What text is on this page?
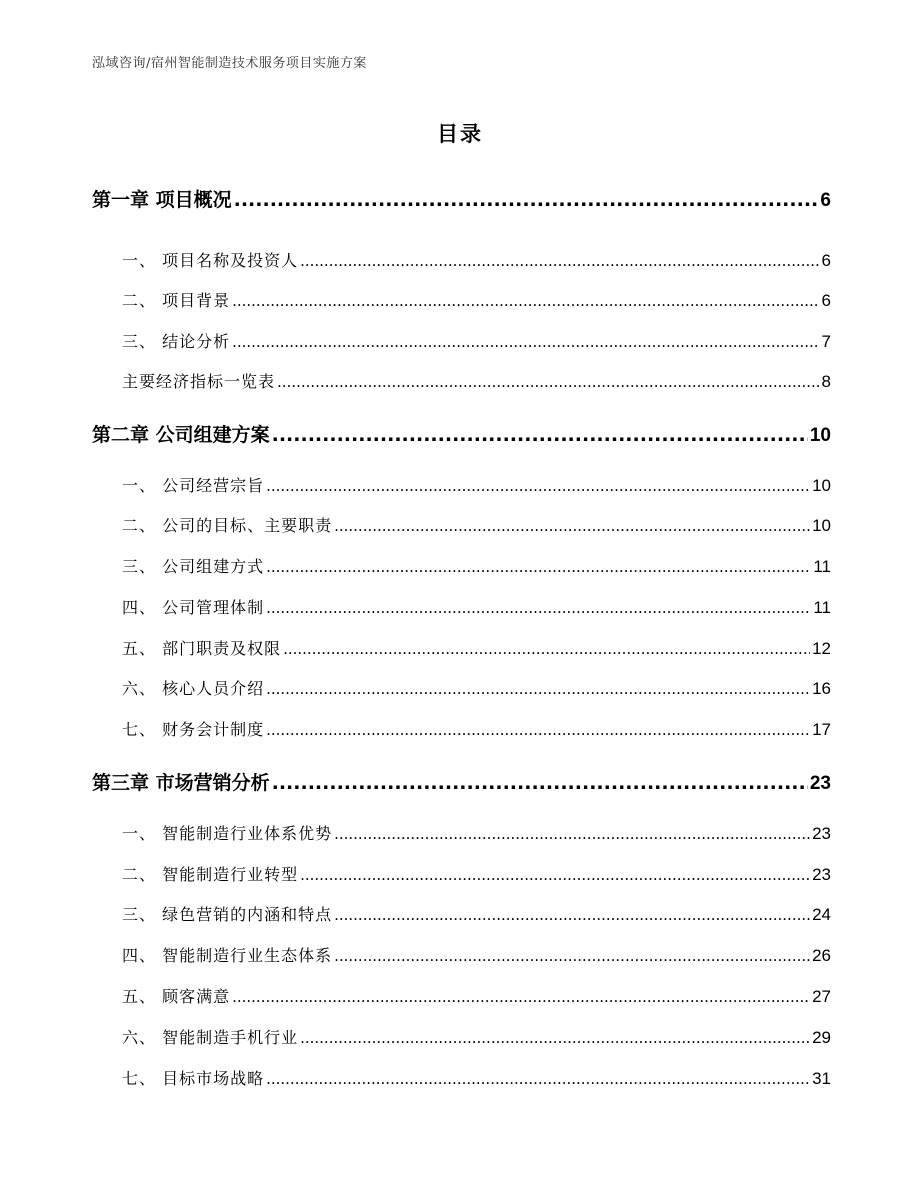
泓域咨询/宿州智能制造技术服务项目实施方案
目录
第一章 项目概况 .....	6
一、 项目名称及投资人 .....	6
二、 项目背景 .....	6
三、 结论分析 .....	7
主要经济指标一览表 .....	8
第二章 公司组建方案 .....	10
一、 公司经营宗旨 .....	10
二、 公司的目标、主要职责 .....	10
三、 公司组建方式 .....	11
四、 公司管理体制 .....	11
五、 部门职责及权限 .....	12
六、 核心人员介绍 .....	16
七、 财务会计制度 .....	17
第三章 市场营销分析 .....	23
一、 智能制造行业体系优势 .....	23
二、 智能制造行业转型 .....	23
三、 绿色营销的内涵和特点 .....	24
四、 智能制造行业生态体系 .....	26
五、 顾客满意 .....	27
六、 智能制造手机行业 .....	29
七、 目标市场战略 .....	31
